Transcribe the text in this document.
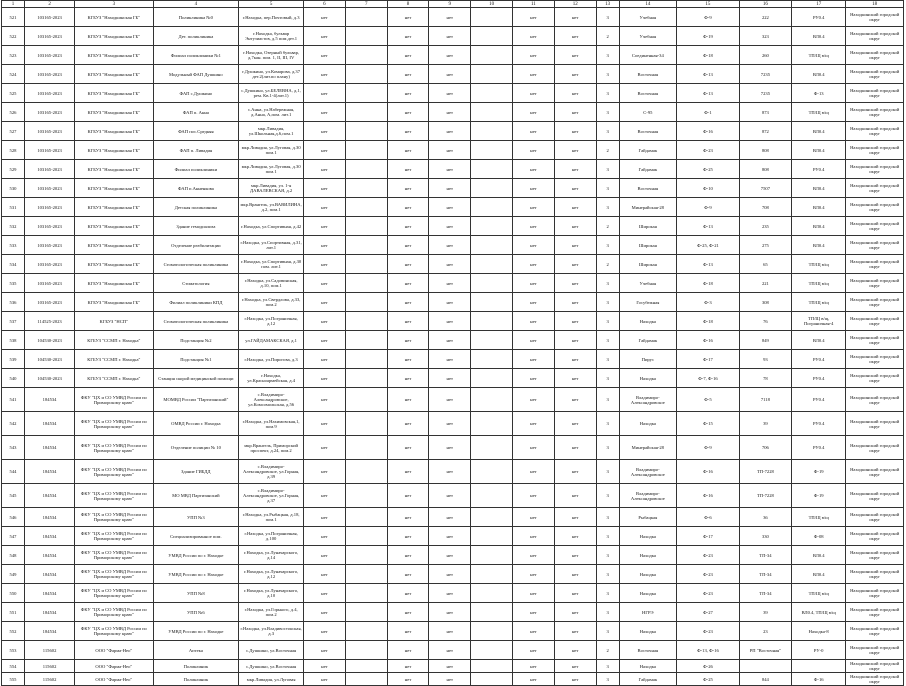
1	2	3	4	5	6	7	8	9	10	11	12	13	14	15	16	17	18
521	103165-2023	КГБУЗ "Находкинская ГБ"	Поликлиника №0	г.Находка, пер.Почтовый, д.3	нет		нет	нет		нет	нет	3	Учебная	Ф-9	222	РУ0.4	Находкинский городской округ
522	103165-2023	КГБУЗ "Находкинская ГБ"	Дет. поликлиника	г.Находка, бульвар Энтузиастов, д.5 пом.дет.1	нет		нет	нет		нет	нет	2	Учебная	Ф-19	323	ВЛ0.4	Находкинский городской округ
523	103165-2023	КГБУЗ "Находкинская ГБ"	Филиал поликлиники №1	г.Находка, Озерный бульвар, д.7кан. пом. 1, II, III, IV	нет		нет	нет		нет	нет	3	Соединенная-34	Ф-18	260	ТП/Щ в/щ	Находкинский городской округ
524	103165-2023	КГБУЗ "Находкинская ГБ"	Модульный ФАП Душкино	г.Душкино, ул.Комарова, д.37 дет.2(лит.по плану)	нет		нет	нет		нет	нет	3	Восточная	Ф-13	7235	ВЛ0.4	Находкинский городской округ
525	103165-2023	КГБУЗ "Находкинская ГБ"	ФАП с.Душкино	с.Душкино, ул.БЕЛЕВНА, д.1, рем. Кв.1-4(лит.1)	нет		нет	нет		нет	нет	3	Восточная	Ф-13	7235	Ф-13	Находкинский городской округ
526	103165-2023	КГБУЗ "Находкинская ГБ"	ФАП п. Анна	с.Анна, ул.Набережная, д.Анна, А,пом. лит.1	нет		нет	нет		нет	нет	3	С-95	Ф-1	873	ТП/Щ в/щ	Находкинский городской округ
527	103165-2023	КГБУЗ "Находкинская ГБ"	ФАП пос.Средняя	мкр.Ливадия, ул.Школьная,д.6,пом.1	нет		нет	нет		нет	нет	3	Восточная	Ф-16	872	ВЛ0.4	Находкинский городской округ
528	103165-2023	КГБУЗ "Находкинская ГБ"	ФАП п. Ливадия	мкр.Ливадия, ул.Луговая, д.30 пом.1	нет		нет	нет		нет	нет	2	Гайдамак	Ф-23	808	ВЛ0.4	Находкинский городской округ
529	103165-2023	КГБУЗ "Находкинская ГБ"	Филиал поликлиники	мкр.Ливадия, ул.Луговая, д.30 пом.1	нет		нет	нет		нет	нет	3	Гайдамак	Ф-25	808	РУ0.4	Находкинский городской округ
530	103165-2023	КГБУЗ "Находкинская ГБ"	ФАП п.Анненкова	мкр.Ливадия, ул. 1-я ДАВАЛЕВСКАЯ, д.2	нет		нет	нет		нет	нет	3	Восточная	Ф-10	7507	ВЛ0.4	Находкинский городской округ
531	103165-2023	КГБУЗ "Находкинская ГБ"	Детская поликлиника	мкр.Врангель, ул.ВАВИЛИНА, д.2, пом.1	нет		нет	нет		нет	нет	3	Минерайская-28	Ф-9	708	ВЛ0.4	Находкинский городской округ
532	103165-2023	КГБУЗ "Находкинская ГБ"	Здание гемодиализа	г.Находка, ул.Спортивная, д.42	нет		нет	нет		нет	нет	2	Широкая	Ф-13	235	ВЛ0.4	Находкинский городской округ
533	103165-2023	КГБУЗ "Находкинская ГБ"	Отделение реабилитации	г.Находка, ул.Спортивная, д.31, лит.1	нет		нет	нет		нет	нет	3	Широкая	Ф-25, Ф-21	275	ВЛ0.4	Находкинский городской округ
534	103165-2023	КГБУЗ "Находкинская ГБ"	Стоматологическая поликлиника	г.Находка, ул.Спортивная, д.30 пом. лит.1	нет		нет	нет		нет	нет	2	Широкая	Ф-13	65	ТП/Щ в/щ	Находкинский городской округ
535	103165-2023	КГБУЗ "Находкинская ГБ"	Стоматология	г.Находка, ул.Садовинская, д.10, пом.1	нет		нет	нет		нет	нет	3	Учебная	Ф-18	221	ТП/Щ в/щ	Находкинский городской округ
536	103165-2023	КГБУЗ "Находкинская ГБ"	Филиал поликлиники КПД	г.Находка, ул.Свердлова, д.33, пом.2	нет		нет	нет		нет	нет	3	Госубежная	Ф-3	308	ТП/Щ в/щ	Находкинский городской округ
537	114525-2023	КГБУЗ "НСП"	Стоматологическая поликлиника	г.Находка, ул.Пограничная, д.12	нет		нет	нет		нет	нет	3	Находка	Ф-18	76	ТП/Щ в/щ, Пограничная-4	Находкинский городской округ
538	104530-2023	КГБУЗ "ССМП г. Находка"	Подстанция №2	ул.ГАЙДАМАКСКАЯ, д.1	нет		нет	нет		нет	нет	3	Гайдамак	Ф-16	849	ВЛ0.4	Находкинский городской округ
539	104530-2023	КГБУЗ "ССМП г. Находка"	Подстанция №1	г.Находка, ул.Пирогова, д.3	нет		нет	нет		нет	нет	3	Пирус	Ф-17	93	РУ0.4	Находкинский городской округ
540	104530-2023	КГБУЗ "ССМП г. Находка"	Станция скорой медицинской помощи	г.Находка, ул.Красноармейская, д.4	нет		нет	нет		нет	нет	3	Находка	Ф-7, Ф-16	78	РУ0.4	Находкинский городской округ
541	184534	ФКУ "ЦХ и СО УМВД России по Приморскому краю"	МОМВД России "Партизанский"	с.Владимиро-Александровское, ул.Комсомольская, д.56	нет		нет	нет		нет	нет	3	Владимиро-Александровское	Ф-5	7118	РУ0.4	Находкинский городской округ
542	184534	ФКУ "ЦХ и СО УМВД России по Приморскому краю"	ОМВД России г. Находка	г.Находка, ул.Нахимовская,1, пом.9	нет		нет	нет		нет	нет	3	Находка	Ф-15	39	РУ0.4	Находкинский городской округ
543	184534	ФКУ "ЦХ и СО УМВД России по Приморскому краю"	Отделение полиции № 10	мкр.Врангель, Приморский проспект, д.24, пом.2	нет		нет	нет		нет	нет	3	Минерайская-28	Ф-9	706	РУ0.4	Находкинский городской округ
544	184534	ФКУ "ЦХ и СО УМВД России по Приморскому краю"	Здание ГИБДД	с.Владимиро-Александровское, ул.Горная, д.39	нет		нет	нет		нет	нет	3	Владимиро-Александровское	Ф-16	ТП-7228	Ф-19	Находкинский городской округ
545	184534	ФКУ "ЦХ и СО УМВД России по Приморскому краю"	МО МВД Партизанский	с.Владимиро-Александровское, ул.Горная, д.37	нет		нет	нет		нет	нет	3	Владимиро-Александровское	Ф-16	ТП-7228	Ф-19	Находкинский городской округ
546	184534	ФКУ "ЦХ и СО УМВД России по Приморскому краю"	УПП №3	г.Находка, ул.Рыбацкая, д.18, пом.1	нет		нет	нет		нет	нет	3	Рыбацкая	Ф-6	36	ТП/Щ в/щ	Находкинский городской округ
547	184534	ФКУ "ЦХ и СО УМВД России по Приморскому краю"	Специализированное пом.	г.Находка, ул.Пограничная, д.100	нет		нет	нет		нет	нет	3	Находка	Ф-17	330	Ф-08	Находкинский городской округ
548	184534	ФКУ "ЦХ и СО УМВД России по Приморскому краю"	УМВД России по г. Находке	г.Находка, ул.Луначарского, д.14	нет		нет	нет		нет	нет	3	Находка	Ф-23	ТП-34	ВЛ0.4	Находкинский городской округ
549	184534	ФКУ "ЦХ и СО УМВД России по Приморскому краю"	УМВД России по г. Находке	г.Находка, ул.Луначарского, д.12	нет		нет	нет		нет	нет	3	Находка	Ф-23	ТП-34	ВЛ0.4	Находкинский городской округ
550	184534	ФКУ "ЦХ и СО УМВД России по Приморскому краю"	УПП №8	г.Находка, ул.Луначарского, д.10	нет		нет	нет		нет	нет	3	Находка	Ф-23	ТП-34	ТП/Щ в/щ	Находкинский городской округ
551	184534	ФКУ "ЦХ и СО УМВД России по Приморскому краю"	УПП №6	г.Находка, ул.Горького, д.4, пом.2	нет		нет	нет		нет	нет	3	НГРЭ	Ф-27	39	ВЛ0.4, ТП/Щ в/щ	Находкинский городской округ
552	184534	ФКУ "ЦХ и СО УМВД России по Приморскому краю"	УМВД России по г. Находке	г.Находка, ул.Владивостокская, д.3	нет		нет	нет		нет	нет	3	Находка	Ф-23	23	Находка-8	Находкинский городской округ
553	115602	ООО "Фарма-Нео"	Аптека	с.Душкино, ул.Восточная	нет		нет	нет		нет	нет	2	Восточная	Ф-13, Ф-16	РП "Восточная"	РУ-0	Находкинский городской округ
554	115602	ООО "Фарма-Нео"	Поликлиник	с.Душкино, ул.Восточная	нет		нет	нет		нет	нет	3	Находка	Ф-26			Находкинский городской округ
555	115602	ООО "Фарма-Нео"	Поликлиник	мкр.Ливадия, ул.Луговая	нет		нет	нет		нет	нет	3	Гайдамак	Ф-25	844	Ф-16	Находкинский городской округ
